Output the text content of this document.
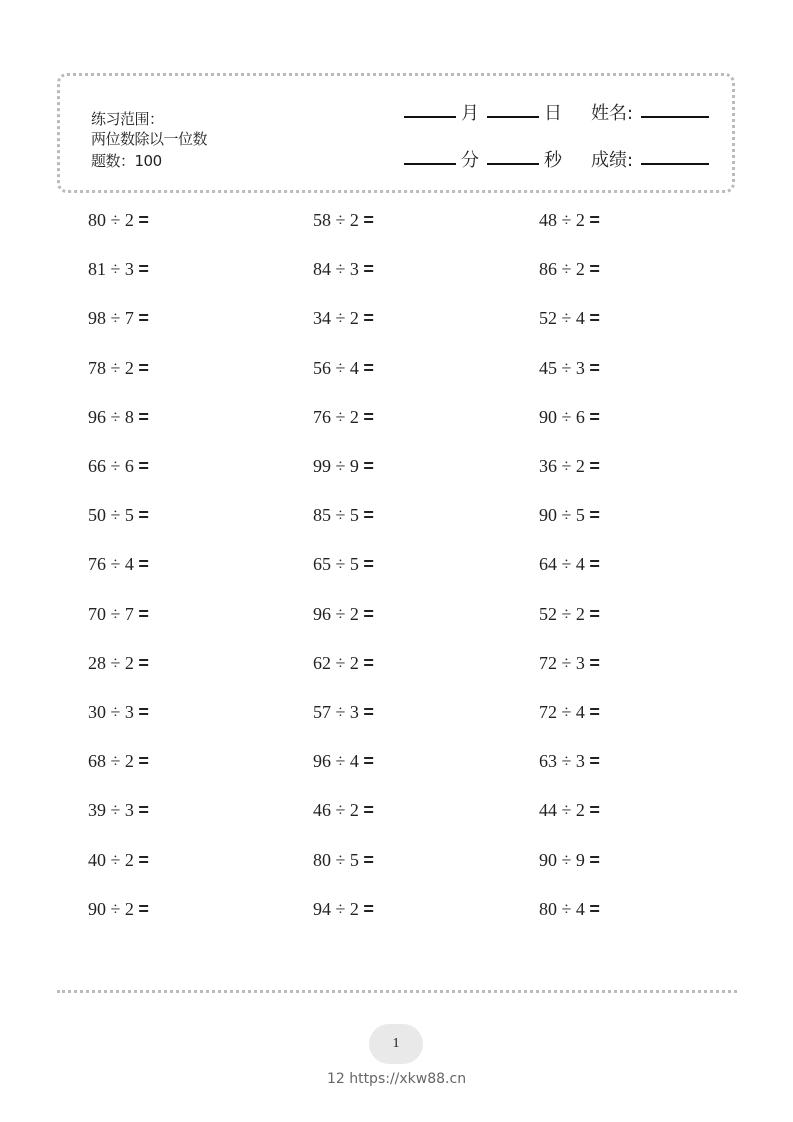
练习范围：
两位数除以一位数
题数：100
月	日 姓名:
分	秒 成绩:
80 ÷ 2 =	58 ÷ 2 =	48 ÷ 2 =
81 ÷ 3 =	84 ÷ 3 =	86 ÷ 2 =
98 ÷ 7 =	34 ÷ 2 =	52 ÷ 4 =
78 ÷ 2 =	56 ÷ 4 =	45 ÷ 3 =
96 ÷ 8 =	76 ÷ 2 =	90 ÷ 6 =
66 ÷ 6 =	99 ÷ 9 =	36 ÷ 2 =
50 ÷ 5 =	85 ÷ 5 =	90 ÷ 5 =
76 ÷ 4 =	65 ÷ 5 =	64 ÷ 4 =
70 ÷ 7 =	96 ÷ 2 =	52 ÷ 2 =
28 ÷ 2 =	62 ÷ 2 =	72 ÷ 3 =
30 ÷ 3 =	57 ÷ 3 =	72 ÷ 4 =
68 ÷ 2 =	96 ÷ 4 =	63 ÷ 3 =
39 ÷ 3 =	46 ÷ 2 =	44 ÷ 2 =
40 ÷ 2 =	80 ÷ 5 =	90 ÷ 9 =
90 ÷ 2 =	94 ÷ 2 =	80 ÷ 4 =
1
12 https://xkw88.cn
